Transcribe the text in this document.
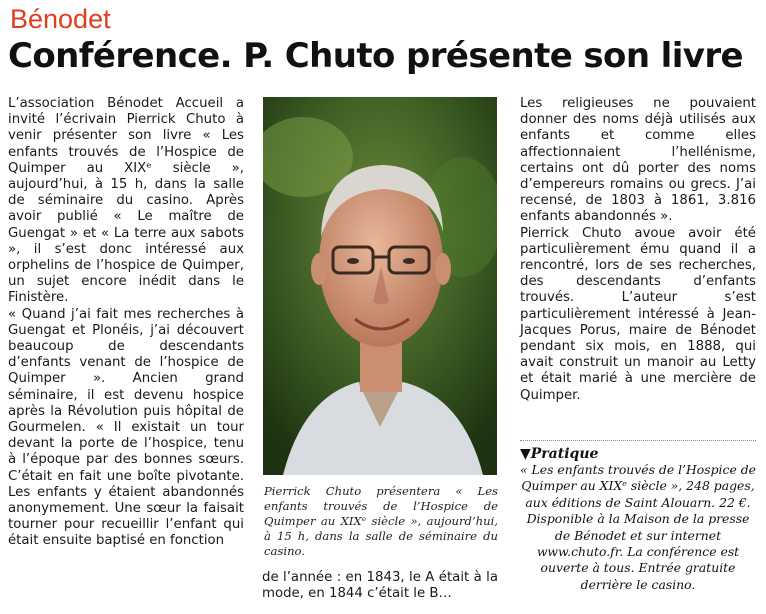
Bénodet
Conférence. P. Chuto présente son livre

L’association Bénodet Accueil a invité l’écrivain Pierrick Chuto à venir présenter son livre « Les enfants trouvés de l’Hospice de Quimper au XIXᵉ siècle », aujourd’hui, à 15 h, dans la salle de séminaire du casino. Après avoir publié « Le maître de Guengat » et « La terre aux sabots », il s’est donc intéressé aux orphelins de l’hospice de Quimper, un sujet encore inédit dans le Finistère.

« Quand j’ai fait mes recherches à Guengat et Plonéis, j’ai découvert beaucoup de descendants d’enfants venant de l’hospice de Quimper ». Ancien grand séminaire, il est devenu hospice après la Révolution puis hôpital de Gourmelen. « Il existait un tour devant la porte de l’hospice, tenu à l’époque par des bonnes sœurs. C’était en fait une boîte pivotante. Les enfants y étaient abandonnés anonymement. Une sœur la faisait tourner pour recueillir l’enfant qui était ensuite baptisé en fonction

Pierrick Chuto présentera « Les enfants trouvés de l’Hospice de Quimper au XIXᵉ siècle », aujourd’hui, à 15 h, dans la salle de séminaire du casino.

de l’année : en 1843, le A était à la mode, en 1844 c’était le B…

Les religieuses ne pouvaient donner des noms déjà utilisés aux enfants et comme elles affectionnaient l’hellénisme, certains ont dû porter des noms d’empereurs romains ou grecs. J’ai recensé, de 1803 à 1861, 3.816 enfants abandonnés ».

Pierrick Chuto avoue avoir été particulièrement ému quand il a rencontré, lors de ses recherches, des descendants d’enfants trouvés. L’auteur s’est particulièrement intéressé à Jean-Jacques Porus, maire de Bénodet pendant six mois, en 1888, qui avait construit un manoir au Letty et était marié à une mercière de Quimper.

▼Pratique
« Les enfants trouvés de l’Hospice de Quimper au XIXᵉ siècle », 248 pages, aux éditions de Saint Alouarn. 22 €. Disponible à la Maison de la presse de Bénodet et sur internet www.chuto.fr. La conférence est ouverte à tous. Entrée gratuite derrière le casino.
